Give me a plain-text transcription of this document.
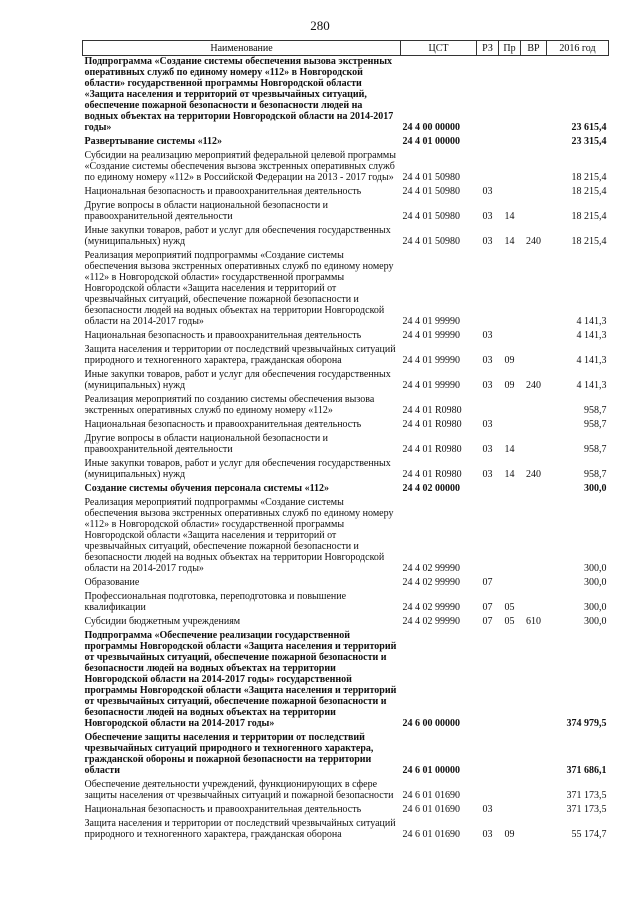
280
Наименование	ЦСТ	РЗ	Пр	ВР	2016 год
Подпрограмма «Создание системы обеспечения вызова экстренных оперативных служб по единому номеру «112» в Новгородской области» государственной программы Новгородской области «Защита населения и территорий от чрезвычайных ситуаций, обеспечение пожарной безопасности и безопасности людей на водных объектах на территории Новгородской области на 2014-2017 годы»	24 4 00 00000				23 615,4
Развертывание системы «112»	24 4 01 00000				23 315,4
Субсидии на реализацию мероприятий федеральной целевой программы «Создание системы обеспечения вызова экстренных оперативных служб по единому номеру «112» в Российской Федерации на 2013 - 2017 годы»	24 4 01 50980				18 215,4
Национальная безопасность и правоохранительная деятельность	24 4 01 50980	03			18 215,4
Другие вопросы в области национальной безопасности и правоохранительной деятельности	24 4 01 50980	03	14		18 215,4
Иные закупки товаров, работ и услуг для обеспечения государственных (муниципальных) нужд	24 4 01 50980	03	14	240	18 215,4
Реализация мероприятий подпрограммы «Создание системы обеспечения вызова экстренных оперативных служб по единому номеру «112» в Новгородской области» государственной программы Новгородской области «Защита населения и территорий от чрезвычайных ситуаций, обеспечение пожарной безопасности и безопасности людей на водных объектах на территории Новгородской области на 2014-2017 годы»	24 4 01 99990				4 141,3
Национальная безопасность и правоохранительная деятельность	24 4 01 99990	03			4 141,3
Защита населения и территории от последствий чрезвычайных ситуаций природного и техногенного характера, гражданская оборона	24 4 01 99990	03	09		4 141,3
Иные закупки товаров, работ и услуг для обеспечения государственных (муниципальных) нужд	24 4 01 99990	03	09	240	4 141,3
Реализация мероприятий по созданию системы обеспечения вызова экстренных оперативных служб по единому номеру «112»	24 4 01 R0980				958,7
Национальная безопасность и правоохранительная деятельность	24 4 01 R0980	03			958,7
Другие вопросы в области национальной безопасности и правоохранительной деятельности	24 4 01 R0980	03	14		958,7
Иные закупки товаров, работ и услуг для обеспечения государственных (муниципальных) нужд	24 4 01 R0980	03	14	240	958,7
Создание системы обучения персонала системы «112»	24 4 02 00000				300,0
Реализация мероприятий подпрограммы «Создание системы обеспечения вызова экстренных оперативных служб по единому номеру «112» в Новгородской области» государственной программы Новгородской области «Защита населения и территорий от чрезвычайных ситуаций, обеспечение пожарной безопасности и безопасности людей на водных объектах на территории Новгородской области на 2014-2017 годы»	24 4 02 99990				300,0
Образование	24 4 02 99990	07			300,0
Профессиональная подготовка, переподготовка и повышение квалификации	24 4 02 99990	07	05		300,0
Субсидии бюджетным учреждениям	24 4 02 99990	07	05	610	300,0
Подпрограмма «Обеспечение реализации государственной программы Новгородской области «Защита населения и территорий от чрезвычайных ситуаций, обеспечение пожарной безопасности и безопасности людей на водных объектах на территории Новгородской области на 2014-2017 годы» государственной программы Новгородской области «Защита населения и территорий от чрезвычайных ситуаций, обеспечение пожарной безопасности и безопасности людей на водных объектах на территории Новгородской области на 2014-2017 годы»	24 6 00 00000				374 979,5
Обеспечение защиты населения и территории от последствий чрезвычайных ситуаций природного и техногенного характера, гражданской обороны и пожарной безопасности на территории области	24 6 01 00000				371 686,1
Обеспечение деятельности учреждений, функционирующих в сфере защиты населения от чрезвычайных ситуаций и пожарной безопасности	24 6 01 01690				371 173,5
Национальная безопасность и правоохранительная деятельность	24 6 01 01690	03			371 173,5
Защита населения и территории от последствий чрезвычайных ситуаций природного и техногенного характера, гражданская оборона	24 6 01 01690	03	09		55 174,7
